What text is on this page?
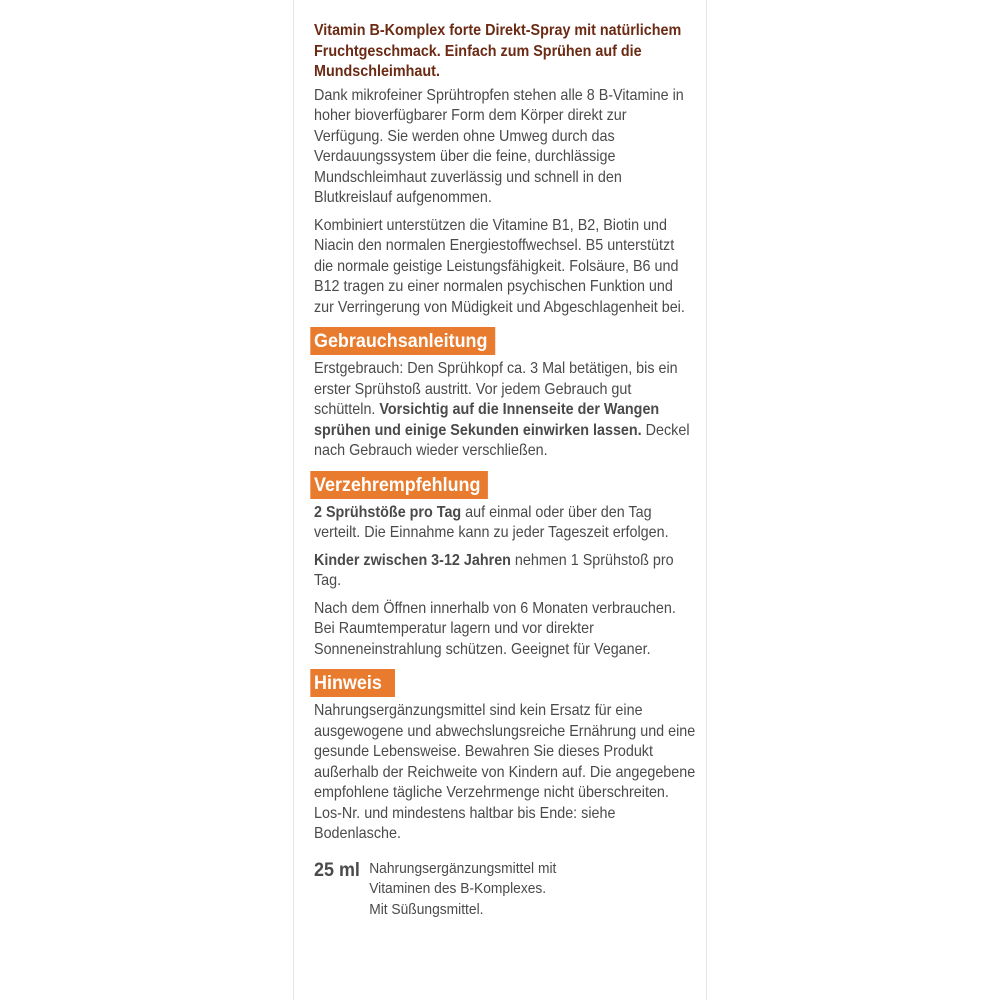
Vitamin B-Komplex forte Direkt-Spray mit natürlichem Fruchtgeschmack. Einfach zum Sprühen auf die Mundschleimhaut.

Dank mikrofeiner Sprühtropfen stehen alle 8 B-Vitamine in hoher bioverfügbarer Form dem Körper direkt zur Verfügung. Sie werden ohne Umweg durch das Verdauungssystem über die feine, durchlässige Mundschleimhaut zuverlässig und schnell in den Blutkreislauf aufgenommen.

Kombiniert unterstützen die Vitamine B1, B2, Biotin und Niacin den normalen Energiestoffwechsel. B5 unterstützt die normale geistige Leistungsfähigkeit. Folsäure, B6 und B12 tragen zu einer normalen psychischen Funktion und zur Verringerung von Müdigkeit und Abgeschlagenheit bei.

Gebrauchsanleitung

Erstgebrauch: Den Sprühkopf ca. 3 Mal betätigen, bis ein erster Sprühstoß austritt. Vor jedem Gebrauch gut schütteln. Vorsichtig auf die Innenseite der Wangen sprühen und einige Sekunden einwirken lassen. Deckel nach Gebrauch wieder verschließen.

Verzehrempfehlung

2 Sprühstöße pro Tag auf einmal oder über den Tag verteilt. Die Einnahme kann zu jeder Tageszeit erfolgen.

Kinder zwischen 3-12 Jahren nehmen 1 Sprühstoß pro Tag.

Nach dem Öffnen innerhalb von 6 Monaten verbrauchen. Bei Raumtemperatur lagern und vor direkter Sonneneinstrahlung schützen. Geeignet für Veganer.

Hinweis

Nahrungsergänzungsmittel sind kein Ersatz für eine ausgewogene und abwechslungsreiche Ernährung und eine gesunde Lebensweise. Bewahren Sie dieses Produkt außerhalb der Reichweite von Kindern auf. Die angegebene empfohlene tägliche Verzehrmenge nicht überschreiten. Los-Nr. und mindestens haltbar bis Ende: siehe Bodenlasche.

25 ml Nahrungsergänzungsmittel mit
Vitaminen des B-Komplexes.
Mit Süßungsmittel.
